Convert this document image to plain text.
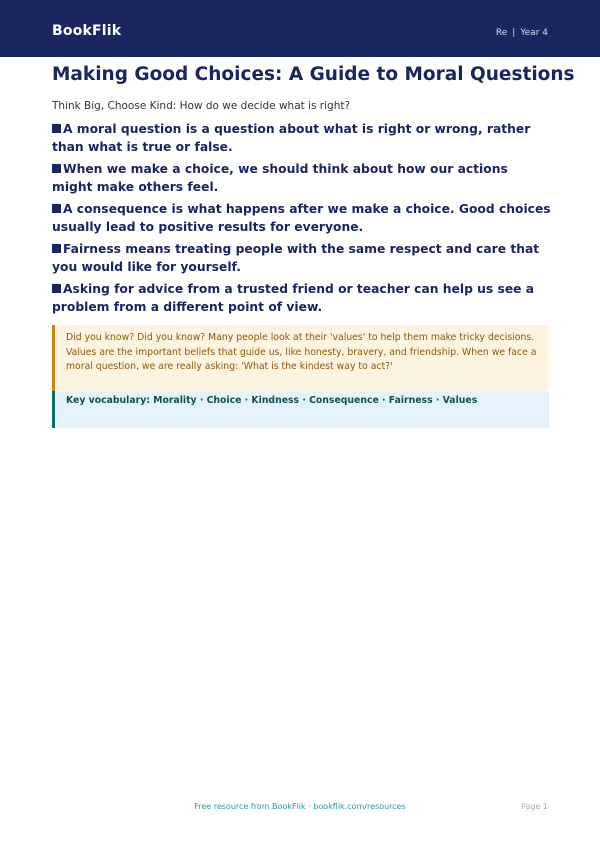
BookFlik	Re | Year 4
Making Good Choices: A Guide to Moral Questions
Think Big, Choose Kind: How do we decide what is right?
A moral question is a question about what is right or wrong, rather than what is true or false.
When we make a choice, we should think about how our actions might make others feel.
A consequence is what happens after we make a choice. Good choices usually lead to positive results for everyone.
Fairness means treating people with the same respect and care that you would like for yourself.
Asking for advice from a trusted friend or teacher can help us see a problem from a different point of view.
Did you know? Did you know? Many people look at their 'values' to help them make tricky decisions. Values are the important beliefs that guide us, like honesty, bravery, and friendship. When we face a moral question, we are really asking: 'What is the kindest way to act?'
Key vocabulary: Morality · Choice · Kindness · Consequence · Fairness · Values
Free resource from BookFlik · bookflik.com/resources	Page 1
